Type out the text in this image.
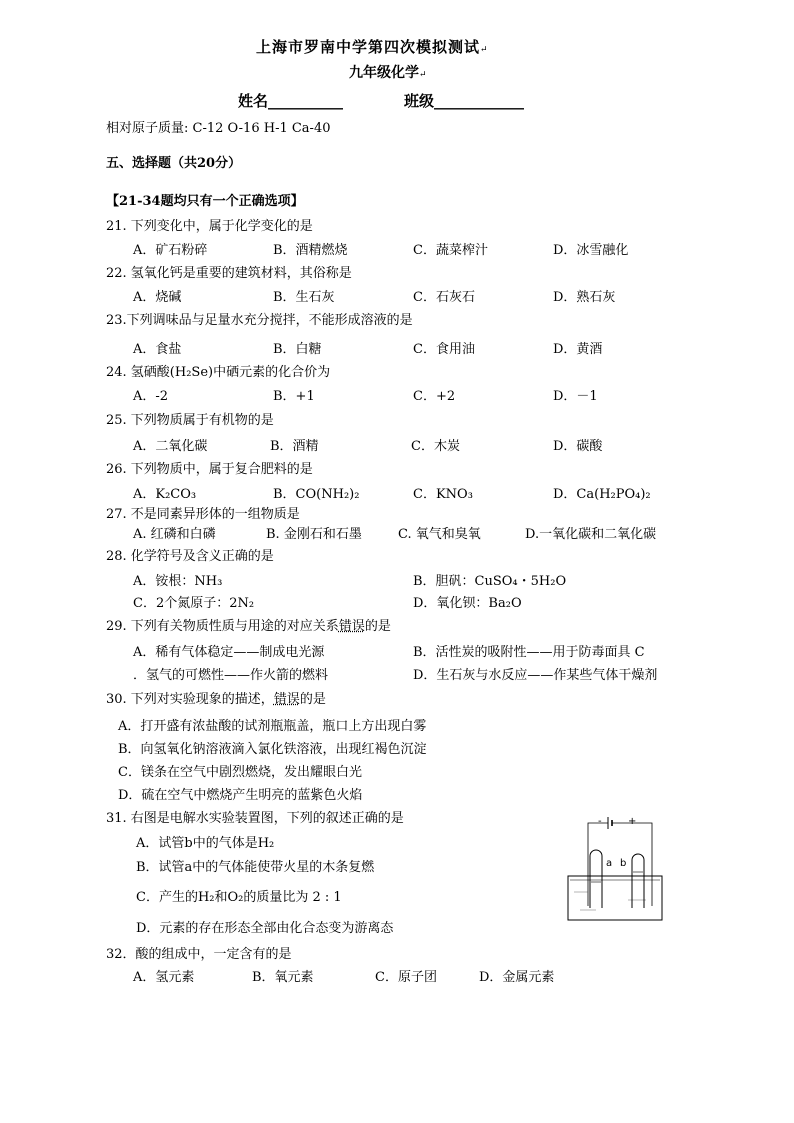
上海市罗南中学第四次模拟测试↵
九年级化学↵
姓名__________	班级____________
相对原子质量: C-12 O-16 H-1 Ca-40
五、选择题（共20分）
【21-34题均只有一个正确选项】
21. 下列变化中，属于化学变化的是
A．矿石粉碎	B．酒精燃烧	C．蔬菜榨汁	D．冰雪融化
22. 氢氧化钙是重要的建筑材料，其俗称是
A．烧碱	B．生石灰	C．石灰石	D．熟石灰
23.下列调味品与足量水充分搅拌，不能形成溶液的是
A．食盐	B．白糖	C．食用油	D．黄酒
24. 氢硒酸(H₂Se)中硒元素的化合价为
A．-2	B．+1	C．+2	D．－1
25. 下列物质属于有机物的是
A．二氧化碳	B．酒精	C．木炭	D．碳酸
26. 下列物质中，属于复合肥料的是
A．K₂CO₃	B．CO(NH₂)₂	C．KNO₃	D．Ca(H₂PO₄)₂
27. 不是同素异形体的一组物质是
A. 红磷和白磷	B. 金刚石和石墨	C. 氧气和臭氧	D.一氧化碳和二氧化碳
28. 化学符号及含义正确的是
A．铵根：NH₃	B．胆矾：CuSO₄・5H₂O
C．2个氮原子：2N₂	D．氧化钡：Ba₂O
29. 下列有关物质性质与用途的对应关系错误的是
A．稀有气体稳定——制成电光源	B．活性炭的吸附性——用于防毒面具 C
．氢气的可燃性——作火箭的燃料	D．生石灰与水反应——作某些气体干燥剂
30. 下列对实验现象的描述，错误的是
A．打开盛有浓盐酸的试剂瓶瓶盖，瓶口上方出现白雾
B．向氢氧化钠溶液滴入氯化铁溶液，出现红褐色沉淀
C．镁条在空气中剧烈燃烧，发出耀眼白光
D．硫在空气中燃烧产生明亮的蓝紫色火焰
31. 右图是电解水实验装置图，下列的叙述正确的是
A．试管b中的气体是H₂
B．试管a中的气体能使带火星的木条复燃
C．产生的H₂和O₂的质量比为 2 : 1
D．元素的存在形态全部由化合态变为游离态
-	+
a b
32．酸的组成中，一定含有的是
A．氢元素	B．氧元素	C．原子团	D．金属元素
